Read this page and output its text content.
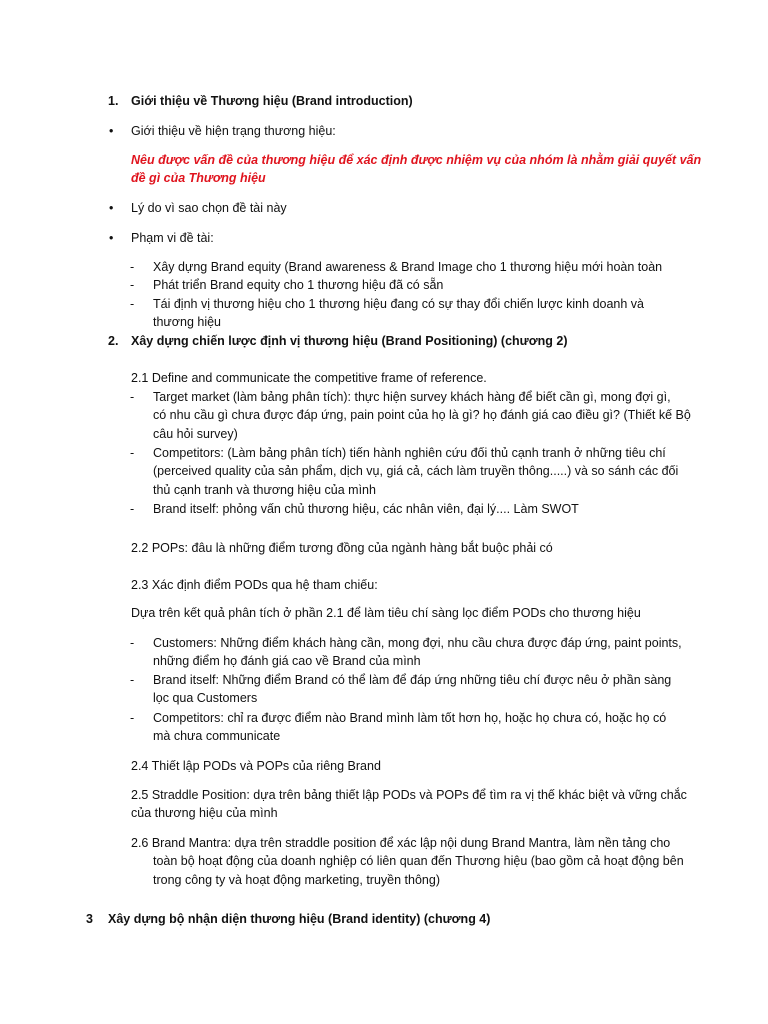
1. Giới thiệu về Thương hiệu (Brand introduction)
• Giới thiệu về hiện trạng thương hiệu:
Nêu được vấn đề của thương hiệu để xác định được nhiệm vụ của nhóm là nhằm giải quyết vấn
đề gì của Thương hiệu
• Lý do vì sao chọn đề tài này
• Phạm vi đề tài:
- Xây dựng Brand equity (Brand awareness & Brand Image cho 1 thương hiệu mới hoàn toàn
- Phát triển Brand equity cho 1 thương hiệu đã có sẵn
- Tái định vị thương hiệu cho 1 thương hiệu đang có sự thay đổi chiến lược kinh doanh và
thương hiệu
2. Xây dựng chiến lược định vị thương hiệu (Brand Positioning) (chương 2)
2.1 Define and communicate the competitive frame of reference.
- Target market (làm bảng phân tích): thực hiện survey khách hàng để biết cần gì, mong đợi gì,
có nhu cầu gì chưa được đáp ứng, pain point của họ là gì? họ đánh giá cao điều gì? (Thiết kế Bộ
câu hỏi survey)
- Competitors: (Làm bảng phân tích) tiến hành nghiên cứu đối thủ cạnh tranh ở những tiêu chí
(perceived quality của sản phẩm, dịch vụ, giá cả, cách làm truyền thông.....) và so sánh các đối
thủ cạnh tranh và thương hiệu của mình
- Brand itself: phỏng vấn chủ thương hiệu, các nhân viên, đại lý.... Làm SWOT
2.2 POPs: đâu là những điểm tương đồng của ngành hàng bắt buộc phải có
2.3 Xác định điểm PODs qua hệ tham chiếu:
Dựa trên kết quả phân tích ở phần 2.1 để làm tiêu chí sàng lọc điểm PODs cho thương hiệu
- Customers: Những điểm khách hàng cần, mong đợi, nhu cầu chưa được đáp ứng, paint points,
những điểm họ đánh giá cao về Brand của mình
- Brand itself: Những điểm Brand có thể làm để đáp ứng những tiêu chí được nêu ở phần sàng
lọc qua Customers
- Competitors: chỉ ra được điểm nào Brand mình làm tốt hơn họ, hoặc họ chưa có, hoặc họ có
mà chưa communicate
2.4 Thiết lập PODs và POPs của riêng Brand
2.5 Straddle Position: dựa trên bảng thiết lập PODs và POPs để tìm ra vị thế khác biệt và vững chắc
của thương hiệu của mình
2.6 Brand Mantra: dựa trên straddle position để xác lập nội dung Brand Mantra, làm nền tảng cho
toàn bộ hoạt động của doanh nghiệp có liên quan đến Thương hiệu (bao gồm cả hoạt động bên
trong công ty và hoạt động marketing, truyền thông)
3 Xây dựng bộ nhận diện thương hiệu (Brand identity) (chương 4)
